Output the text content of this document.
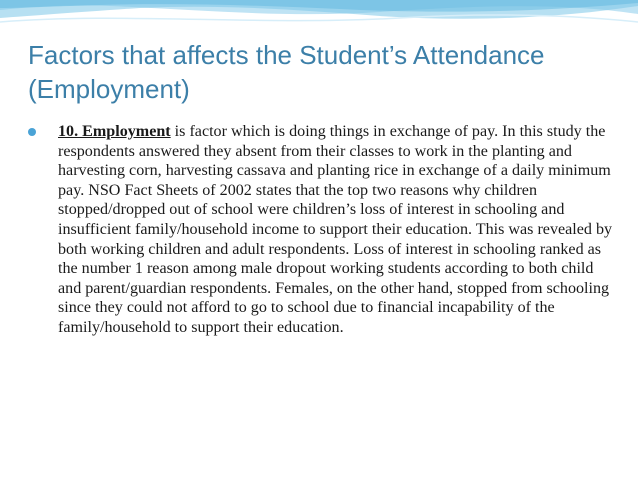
Factors that affects the Student’s Attendance (Employment)

10. Employment is factor which is doing things in exchange of pay. In this study the respondents answered they absent from their classes to work in the planting and harvesting corn, harvesting cassava and planting rice in exchange of a daily minimum pay. NSO Fact Sheets of 2002 states that the top two reasons why children stopped/dropped out of school were children’s loss of interest in schooling and insufficient family/household income to support their education. This was revealed by both working children and adult respondents. Loss of interest in schooling ranked as the number 1 reason among male dropout working students according to both child and parent/guardian respondents. Females, on the other hand, stopped from schooling since they could not afford to go to school due to financial incapability of the family/household to support their education.
